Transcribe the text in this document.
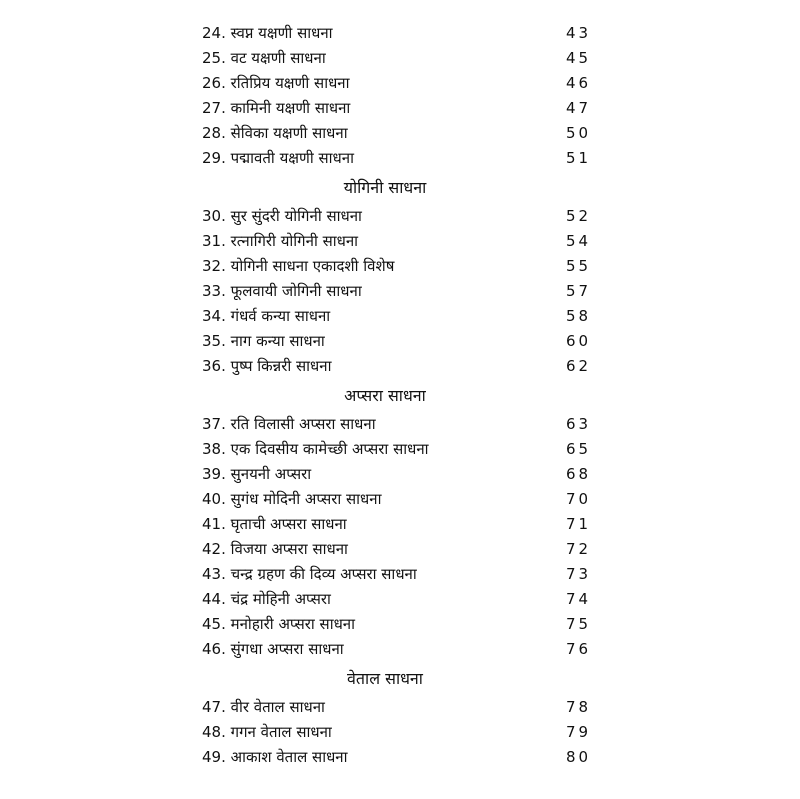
24. स्वप्न यक्षणी साधना	43
25. वट यक्षणी साधना	45
26. रतिप्रिय यक्षणी साधना	46
27. कामिनी यक्षणी साधना	47
28. सेविका यक्षणी साधना	50
29. पद्मावती यक्षणी साधना	51
योगिनी साधना
30. सुर सुंदरी योगिनी साधना	52
31. रत्नागिरी योगिनी साधना	54
32. योगिनी साधना एकादशी विशेष	55
33. फूलवायी जोगिनी साधना	57
34. गंधर्व कन्या साधना	58
35. नाग कन्या साधना	60
36. पुष्प किन्नरी साधना	62
अप्सरा साधना
37. रति विलासी अप्सरा साधना	63
38. एक दिवसीय कामेच्छी अप्सरा साधना	65
39. सुनयनी अप्सरा	68
40. सुगंध मोदिनी अप्सरा साधना	70
41. घृताची अप्सरा साधना	71
42. विजया अप्सरा साधना	72
43. चन्द्र ग्रहण की दिव्य अप्सरा साधना	73
44. चंद्र मोहिनी अप्सरा	74
45. मनोहारी अप्सरा साधना	75
46. सुंगधा अप्सरा साधना	76
वेताल साधना
47. वीर वेताल साधना	78
48. गगन वेताल साधना	79
49. आकाश वेताल साधना	80
